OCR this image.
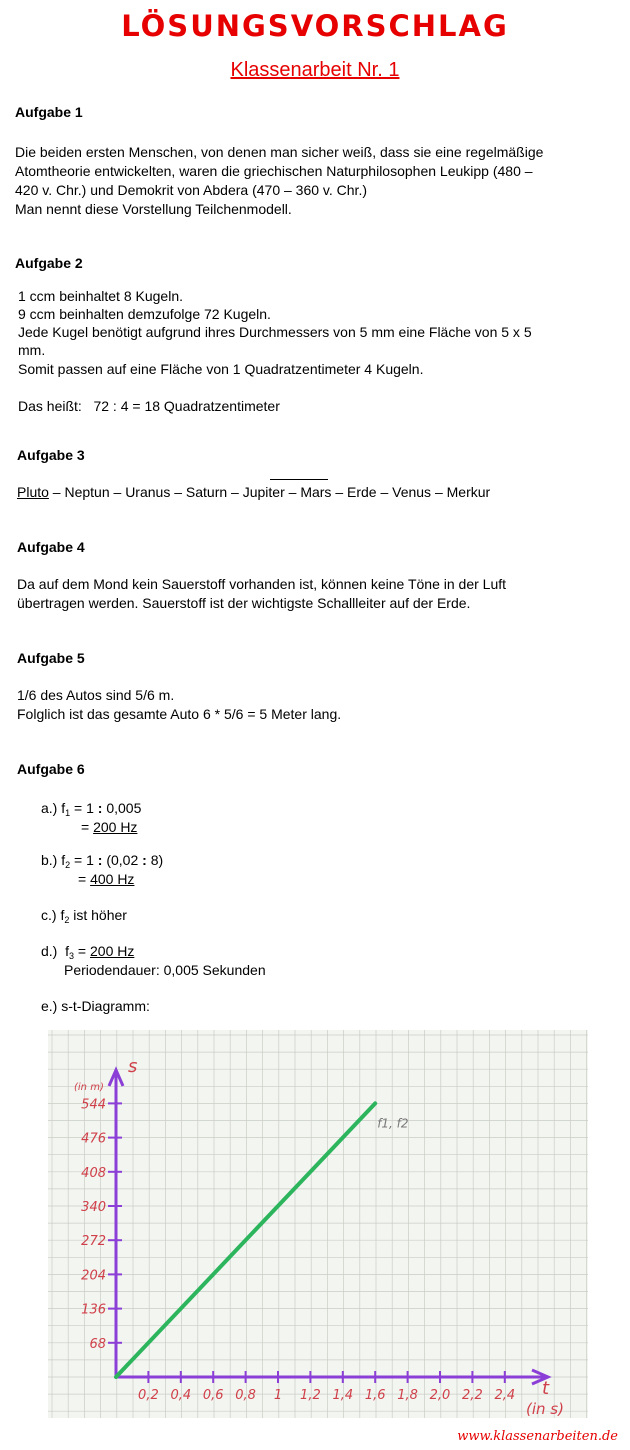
LÖSUNGSVORSCHLAG
Klassenarbeit Nr. 1
Aufgabe 1
Die beiden ersten Menschen, von denen man sicher weiß, dass sie eine regelmäßige
Atomtheorie entwickelten, waren die griechischen Naturphilosophen Leukipp (480 –
420 v. Chr.) und Demokrit von Abdera (470 – 360 v. Chr.)
Man nennt diese Vorstellung Teilchenmodell.
Aufgabe 2
1 ccm beinhaltet 8 Kugeln.
9 ccm beinhalten demzufolge 72 Kugeln.
Jede Kugel benötigt aufgrund ihres Durchmessers von 5 mm eine Fläche von 5 x 5
mm.
Somit passen auf eine Fläche von 1 Quadratzentimeter 4 Kugeln.
Das heißt:   72 : 4 = 18 Quadratzentimeter
Aufgabe 3
Pluto – Neptun – Uranus – Saturn – Jupiter – Mars – Erde – Venus – Merkur
Aufgabe 4
Da auf dem Mond kein Sauerstoff vorhanden ist, können keine Töne in der Luft
übertragen werden. Sauerstoff ist der wichtigste Schallleiter auf der Erde.
Aufgabe 5
1/6 des Autos sind 5/6 m.
Folglich ist das gesamte Auto 6 * 5/6 = 5 Meter lang.
Aufgabe 6
a.) $f_1 = 1$ : 0,005
= 200 Hz
b.) $f_2 = 1$ : (0,02 : 8)
= 400 Hz
c.) $f_2$ ist höher
d.)  $f_3 = 200$ Hz
Periodendauer: 0,005 Sekunden
e.) s-t-Diagramm:
0,2 0,4 0,6 0,8 1 1,2 1,4 1,6 1,8 2,0 2,2 2,4
68
136
204
272
340
408
476
544
f1, f2
s
(in m)
t
(in s)
www.klassenarbeiten.de
